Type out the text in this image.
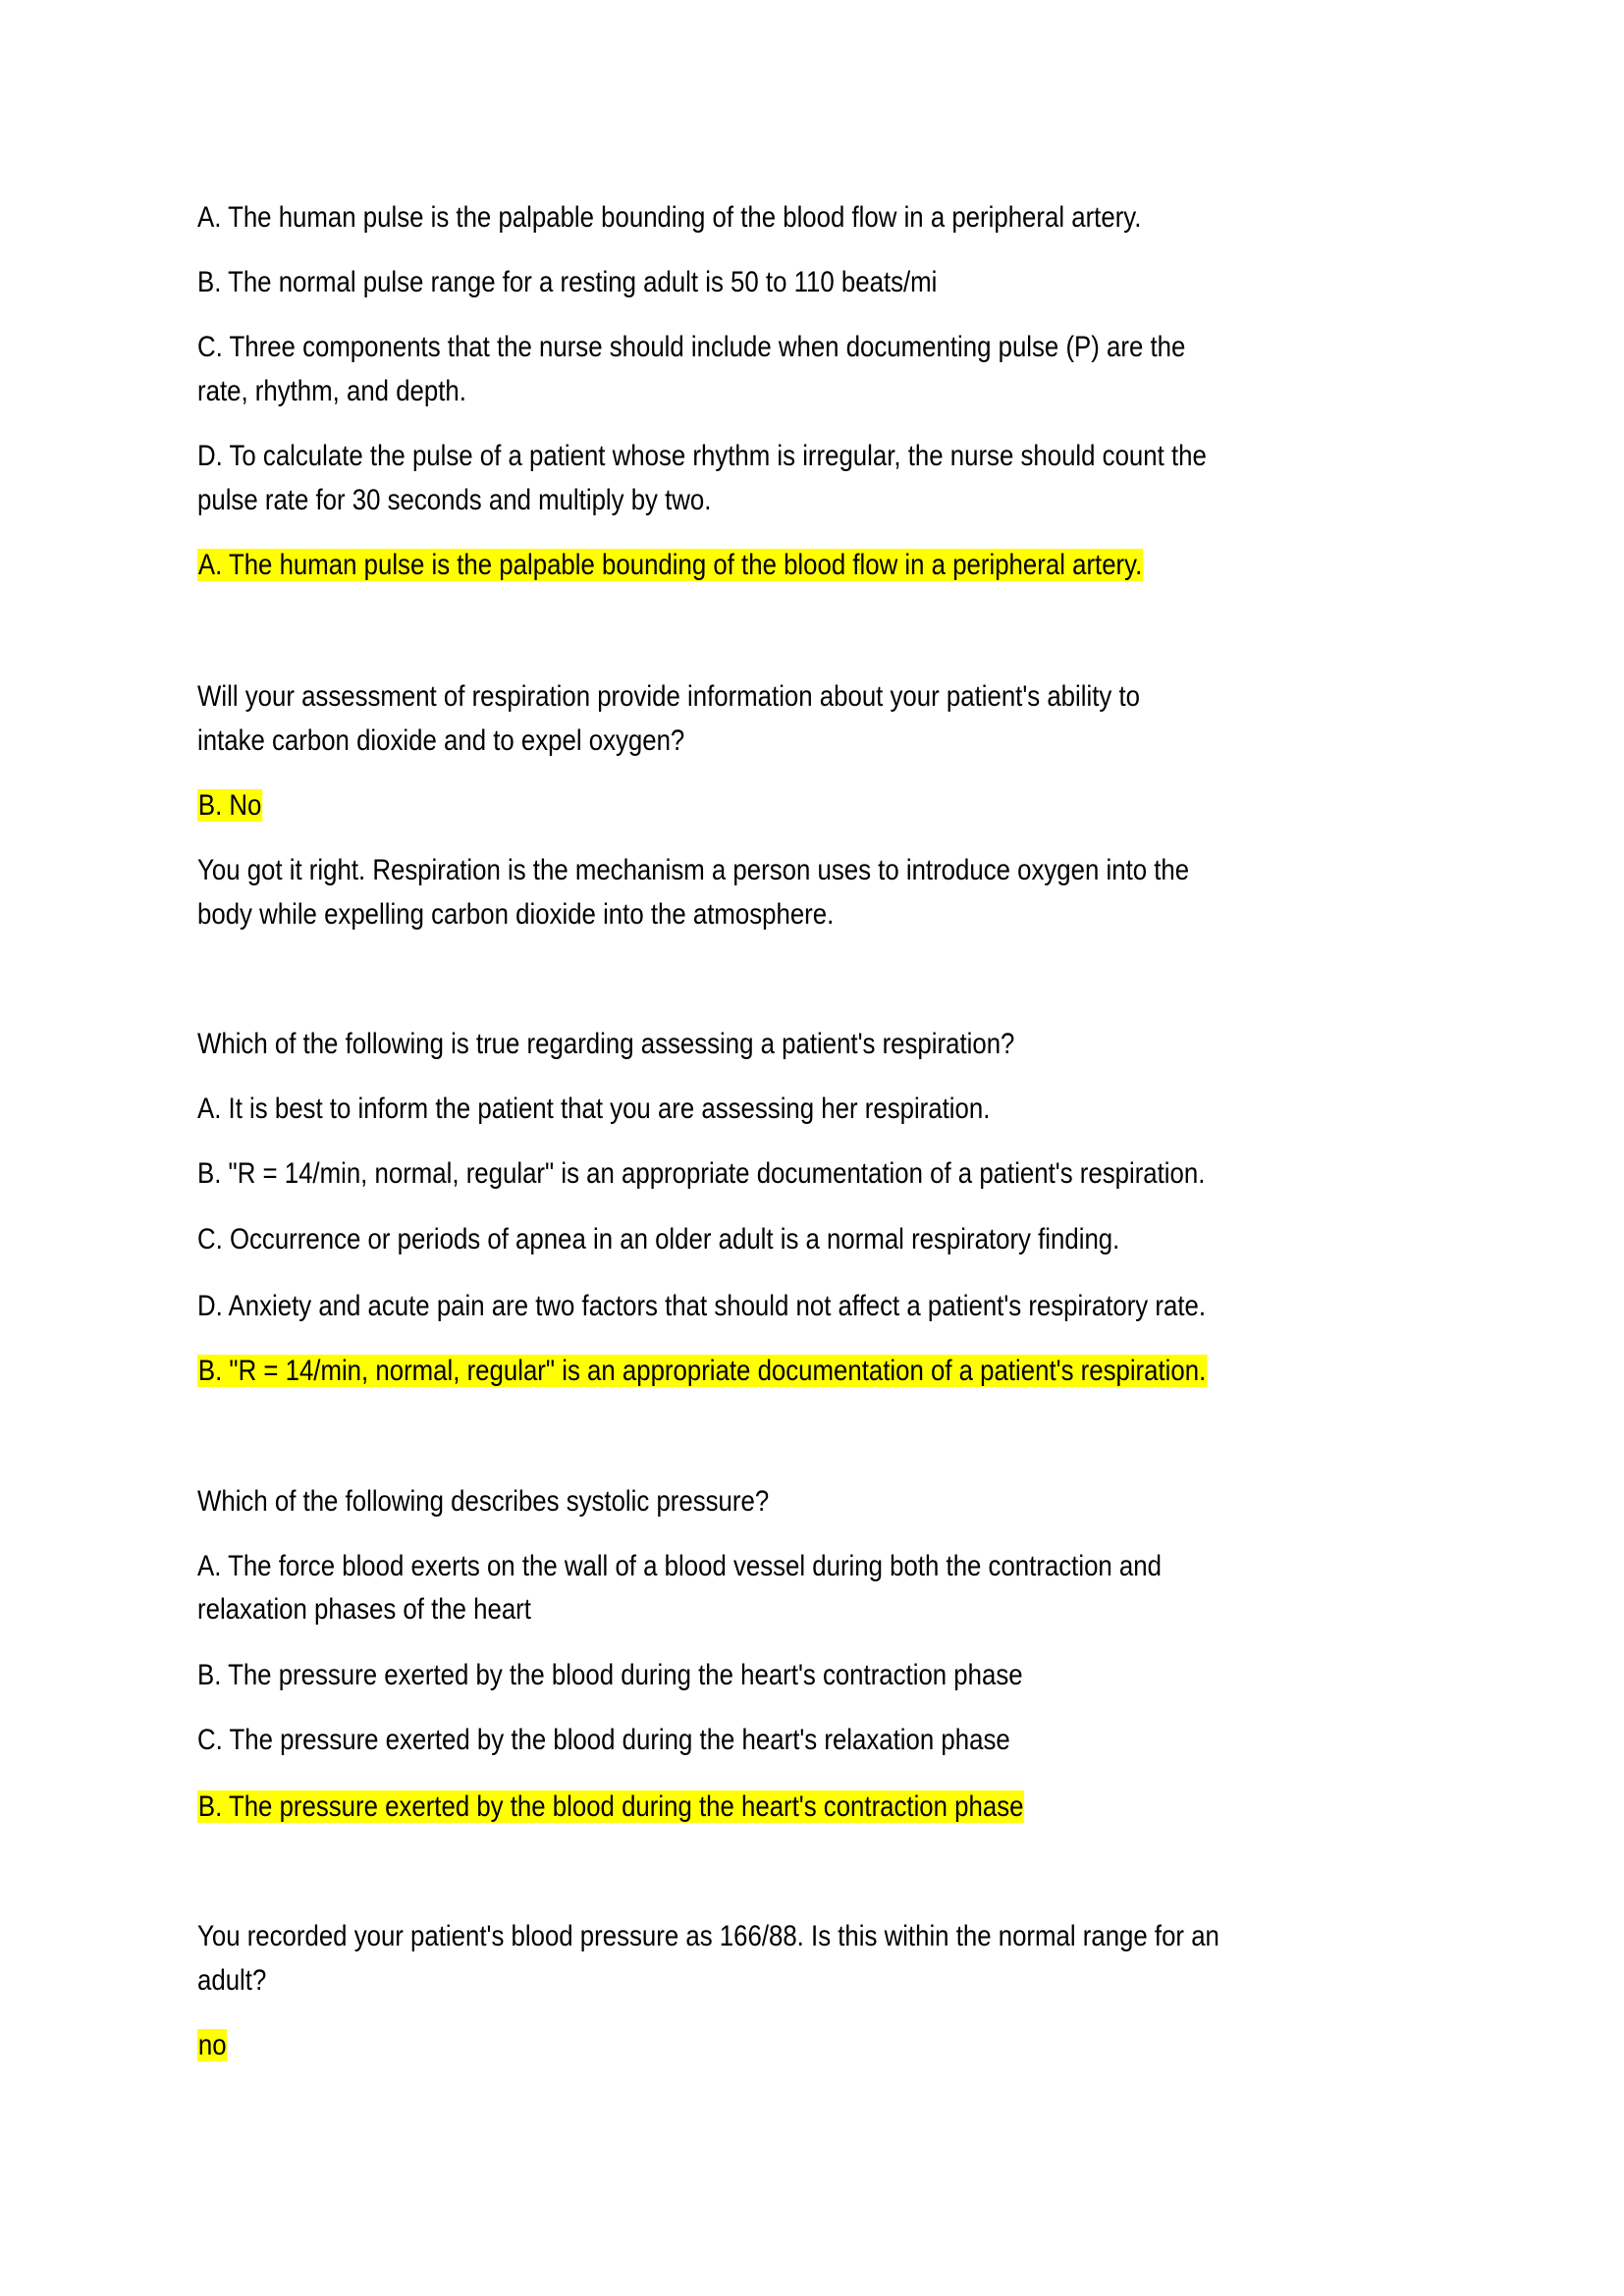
A. The human pulse is the palpable bounding of the blood flow in a peripheral artery.
B. The normal pulse range for a resting adult is 50 to 110 beats/mi
C. Three components that the nurse should include when documenting pulse (P) are the
rate, rhythm, and depth.
D. To calculate the pulse of a patient whose rhythm is irregular, the nurse should count the
pulse rate for 30 seconds and multiply by two.
A. The human pulse is the palpable bounding of the blood flow in a peripheral artery.
Will your assessment of respiration provide information about your patient's ability to
intake carbon dioxide and to expel oxygen?
B. No
You got it right. Respiration is the mechanism a person uses to introduce oxygen into the
body while expelling carbon dioxide into the atmosphere.
Which of the following is true regarding assessing a patient's respiration?
A. It is best to inform the patient that you are assessing her respiration.
B. "R = 14/min, normal, regular" is an appropriate documentation of a patient's respiration.
C. Occurrence or periods of apnea in an older adult is a normal respiratory finding.
D. Anxiety and acute pain are two factors that should not affect a patient's respiratory rate.
B. "R = 14/min, normal, regular" is an appropriate documentation of a patient's respiration.
Which of the following describes systolic pressure?
A. The force blood exerts on the wall of a blood vessel during both the contraction and
relaxation phases of the heart
B. The pressure exerted by the blood during the heart's contraction phase
C. The pressure exerted by the blood during the heart's relaxation phase
B. The pressure exerted by the blood during the heart's contraction phase
You recorded your patient's blood pressure as 166/88. Is this within the normal range for an
adult?
no
